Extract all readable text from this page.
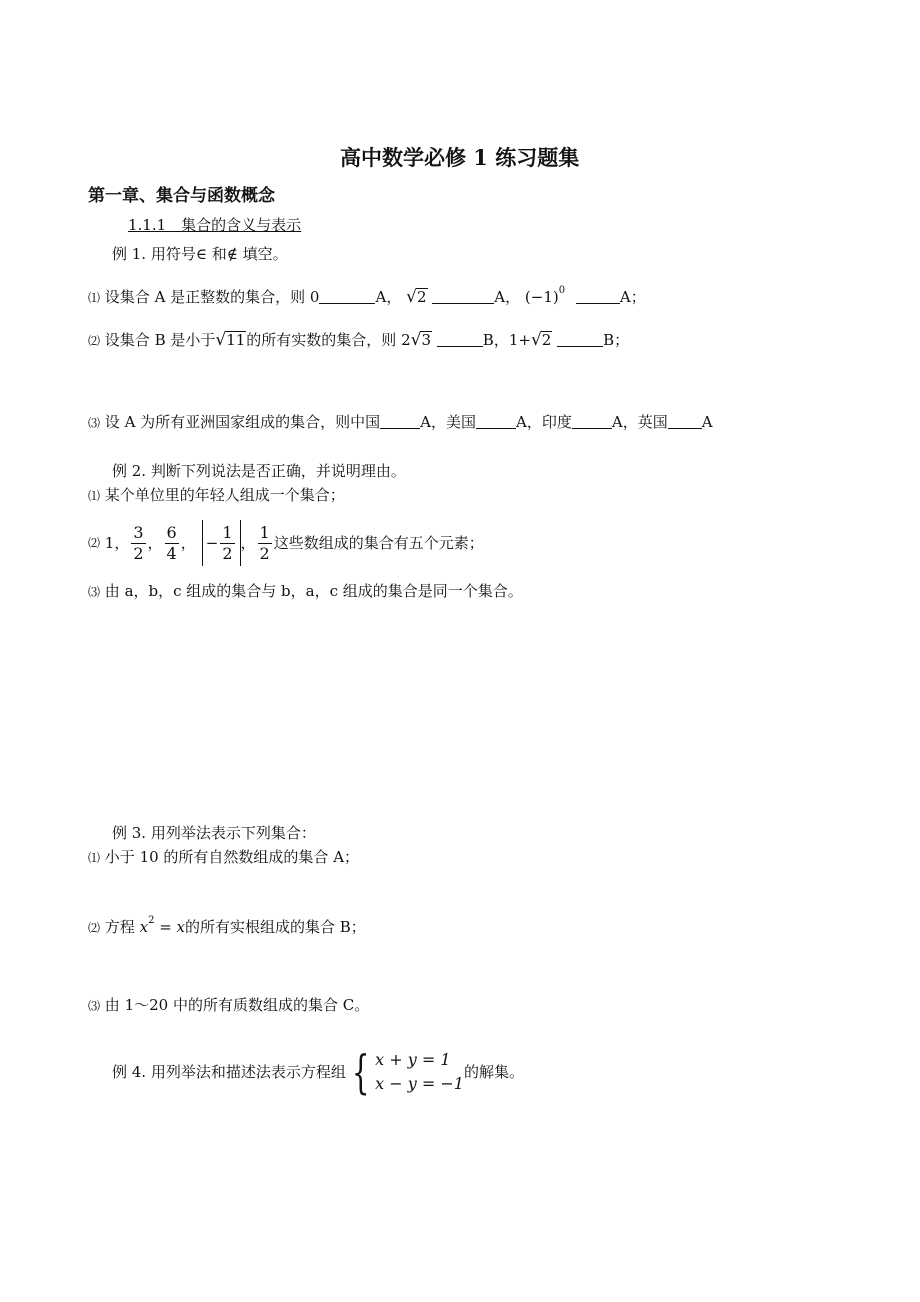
高中数学必修 1 练习题集
第一章、集合与函数概念
1.1.1　集合的含义与表示
例 1. 用符号∈ 和∉ 填空。
⑴ 设集合 A 是正整数的集合，则 0	A， √2	A， $(-1)^0$	A；
⑵ 设集合 B 是小于√11的所有实数的集合，则 2√3	B，1+√2	B；
⑶ 设 A 为所有亚洲国家组成的集合，则中国	A，美国	A，印度	A，英国 A
例 2. 判断下列说法是否正确，并说明理由。
⑴ 某个单位里的年轻人组成一个集合；
⑵
1， $\frac{3}{2}$ ， $\frac{6}{4}$ ， − $\frac{1}{2}$ ， $\frac{1}{2}$ 这些数组成的集合有五个元素；
⑶ 由 a，b，c 组成的集合与 b，a，c 组成的集合是同一个集合。
例 3. 用列举法表示下列集合：
⑴ 小于 10 的所有自然数组成的集合 A；
⑵ 方程 $x^2 = x$的所有实根组成的集合 B；
⑶ 由 1～20 中的所有质数组成的集合 C。
例 4. 用列举法和描述法表示方程组 { x + y = 1
x − y = −1
的解集。
